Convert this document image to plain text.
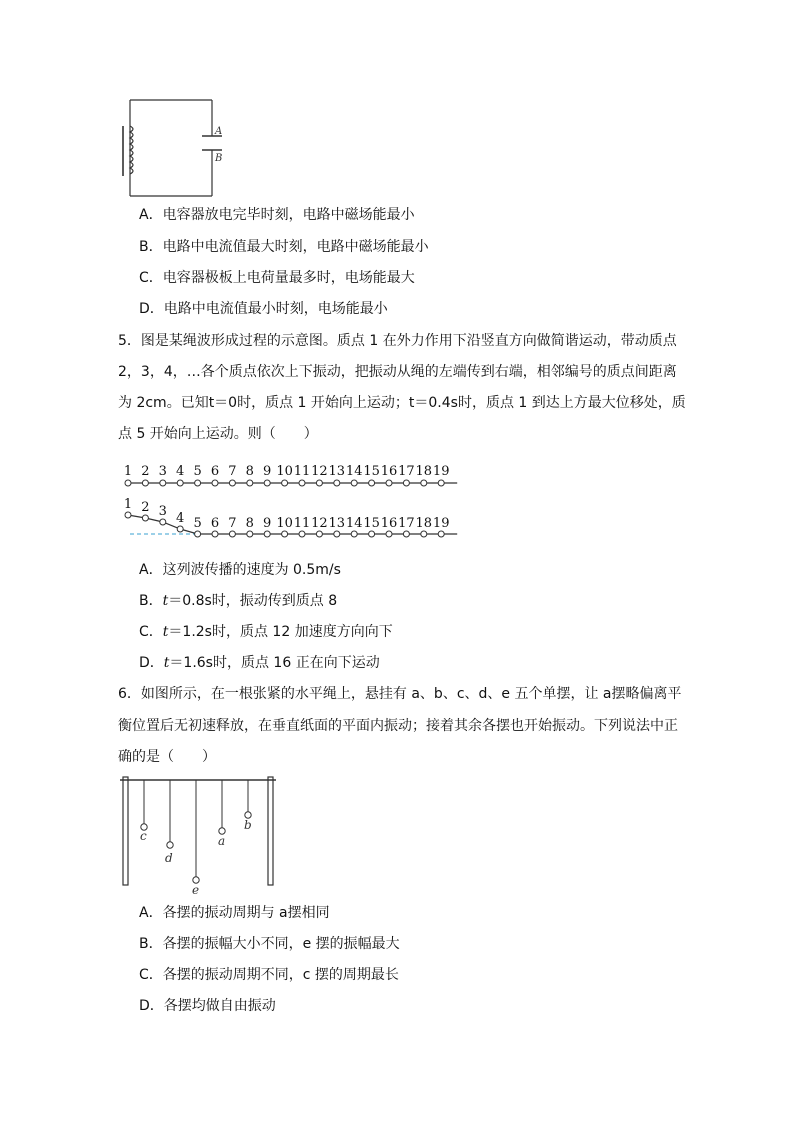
A
B
A．电容器放电完毕时刻，电路中磁场能最小
B．电路中电流值最大时刻，电路中磁场能最小
C．电容器极板上电荷量最多时，电场能最大
D．电路中电流值最小时刻，电场能最小
5．图是某绳波形成过程的示意图。质点 1 在外力作用下沿竖直方向做简谐运动，带动质点
2，3，4，…各个质点依次上下振动，把振动从绳的左端传到右端，相邻编号的质点间距离
为 2cm。已知t＝0时，质点 1 开始向上运动；t＝0.4s时，质点 1 到达上方最大位移处，质
点 5 开始向上运动。则（　　）
1 2 3 4 5 6 7 8 9 10 11 12 13 14 15 16 17 18 19
1 2 3 4 5 6 7 8 9 10 11 12 13 14 15 16 17 18 19
A．这列波传播的速度为 0.5m/s
B．t＝0.8s时，振动传到质点 8
C．t＝1.2s时，质点 12 加速度方向向下
D．t＝1.6s时，质点 16 正在向下运动
6．如图所示，在一根张紧的水平绳上，悬挂有 a、b、c、d、e 五个单摆，让 a摆略偏离平
衡位置后无初速释放，在垂直纸面的平面内振动；接着其余各摆也开始振动。下列说法中正
确的是（　　）
c
d
e
a
b
A．各摆的振动周期与 a摆相同
B．各摆的振幅大小不同，e 摆的振幅最大
C．各摆的振动周期不同，c 摆的周期最长
D．各摆均做自由振动
